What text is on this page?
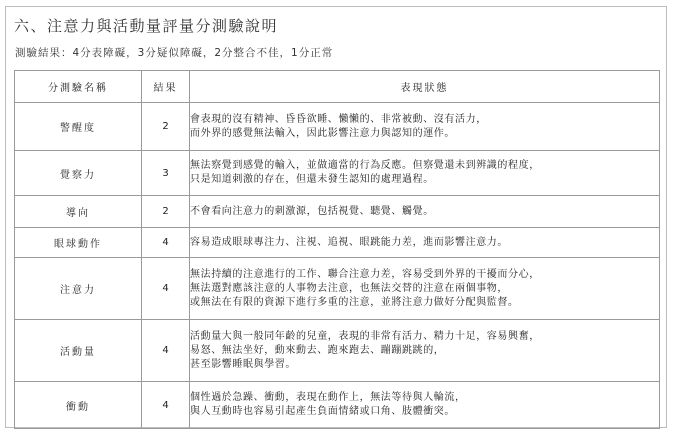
六、注意力與活動量評量分測驗說明
測驗結果：4分表障礙，3分疑似障礙，2分整合不佳，1分正常
分測驗名稱	結果	表現狀態
警醒度	2	會表現的沒有精神、昏昏欲睡、懶懶的、非常被動、沒有活力，
而外界的感覺無法輸入，因此影響注意力與認知的運作。

覺察力	3	無法察覺到感覺的輸入，並做適當的行為反應。但察覺還未到辨識的程度，
只是知道刺激的存在，但還未發生認知的處理過程。

導向	2	不會看向注意力的刺激源，包括視覺、聽覺、觸覺。

眼球動作	4	容易造成眼球專注力、注視、追視、眼跳能力差，進而影響注意力。

注意力	4	無法持續的注意進行的工作、聯合注意力差，容易受到外界的干擾而分心，
無法選對應該注意的人事物去注意，也無法交替的注意在兩個事物，
或無法在有限的資源下進行多重的注意，並將注意力做好分配與監督。

活動量	4	活動量大與一般同年齡的兒童，表現的非常有活力、精力十足，容易興奮，
易怒、無法坐好，動來動去、跑來跑去、蹦蹦跳跳的，
甚至影響睡眠與學習。

衝動	4	個性過於急躁、衝動，表現在動作上，無法等待與人輪流，
與人互動時也容易引起產生負面情緒或口角、肢體衝突。
